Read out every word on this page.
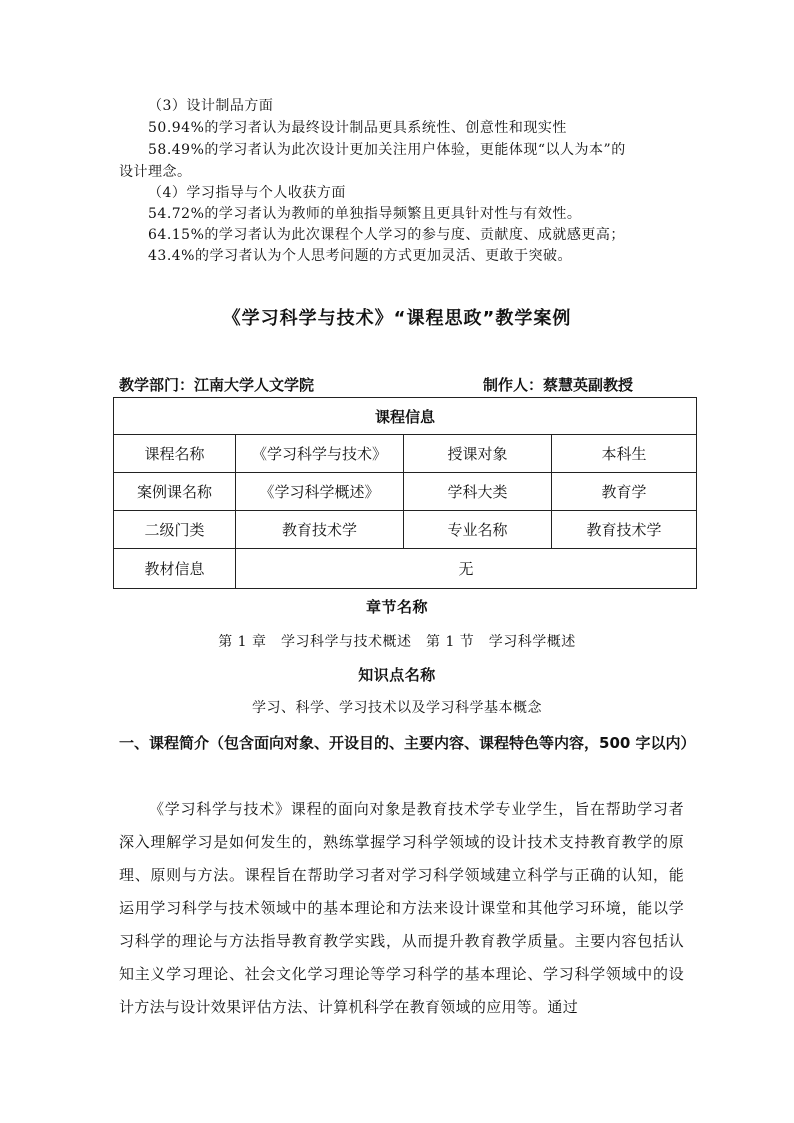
（3）设计制品方面
50.94%的学习者认为最终设计制品更具系统性、创意性和现实性
58.49%的学习者认为此次设计更加关注用户体验，更能体现“以人为本”的
设计理念。
（4）学习指导与个人收获方面
54.72%的学习者认为教师的单独指导频繁且更具针对性与有效性。
64.15%的学习者认为此次课程个人学习的参与度、贡献度、成就感更高；
43.4%的学习者认为个人思考问题的方式更加灵活、更敢于突破。
《学习科学与技术》“课程思政”教学案例
教学部门：江南大学人文学院	制作人：蔡慧英副教授
课程信息			
课程名称	《学习科学与技术》	授课对象	本科生
案例课名称	《学习科学概述》	学科大类	教育学
二级门类	教育技术学	专业名称	教育技术学
教材信息	无		
章节名称
第 1 章　学习科学与技术概述　第 1 节　学习科学概述
知识点名称
学习、科学、学习技术以及学习科学基本概念
一、课程简介（包含面向对象、开设目的、主要内容、课程特色等内容，500 字以内）
《学习科学与技术》课程的面向对象是教育技术学专业学生，旨在帮助学习者深入理解学习是如何发生的，熟练掌握学习科学领域的设计技术支持教育教学的原理、原则与方法。课程旨在帮助学习者对学习科学领域建立科学与正确的认知，能运用学习科学与技术领域中的基本理论和方法来设计课堂和其他学习环境，能以学习科学的理论与方法指导教育教学实践，从而提升教育教学质量。主要内容包括认知主义学习理论、社会文化学习理论等学习科学的基本理论、学习科学领域中的设计方法与设计效果评估方法、计算机科学在教育领域的应用等。通过
